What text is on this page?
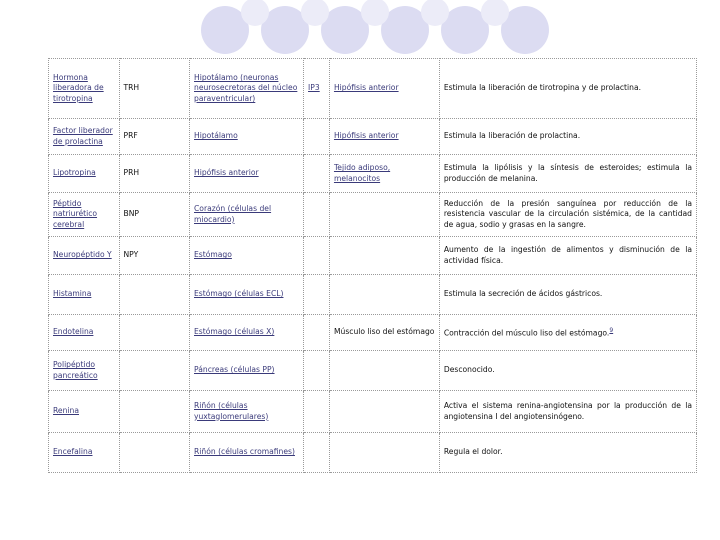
Hormona liberadora de tirotropina	TRH	Hipotálamo (neuronas neurosecretoras del núcleo paraventricular)	IP3	Hipófisis anterior	Estimula la liberación de tirotropina y de prolactina.
Factor liberador de prolactina	PRF	Hipotálamo		Hipófisis anterior	Estimula la liberación de prolactina.
Lipotropina	PRH	Hipófisis anterior		Tejido adiposo, melanocitos	Estimula la lipólisis y la síntesis de esteroides; estimula la producción de melanina.
Péptido natriurético cerebral	BNP	Corazón (células del miocardio)			Reducción de la presión sanguínea por reducción de la resistencia vascular de la circulación sistémica, de la cantidad de agua, sodio y grasas en la sangre.
Neuropéptido Y	NPY	Estómago			Aumento de la ingestión de alimentos y disminución de la actividad física.
Histamina		Estómago (células ECL)			Estimula la secreción de ácidos gástricos.
Endotelina		Estómago (células X)		Músculo liso del estómago	Contracción del músculo liso del estómago.$^9$
Polipéptido pancreático		Páncreas (células PP)			Desconocido.
Renina		Riñón (células yuxtaglomerulares)			Activa el sistema renina-angiotensina por la producción de la angiotensina I del angiotensinógeno.
Encefalina		Riñón (células cromafines)			Regula el dolor.
